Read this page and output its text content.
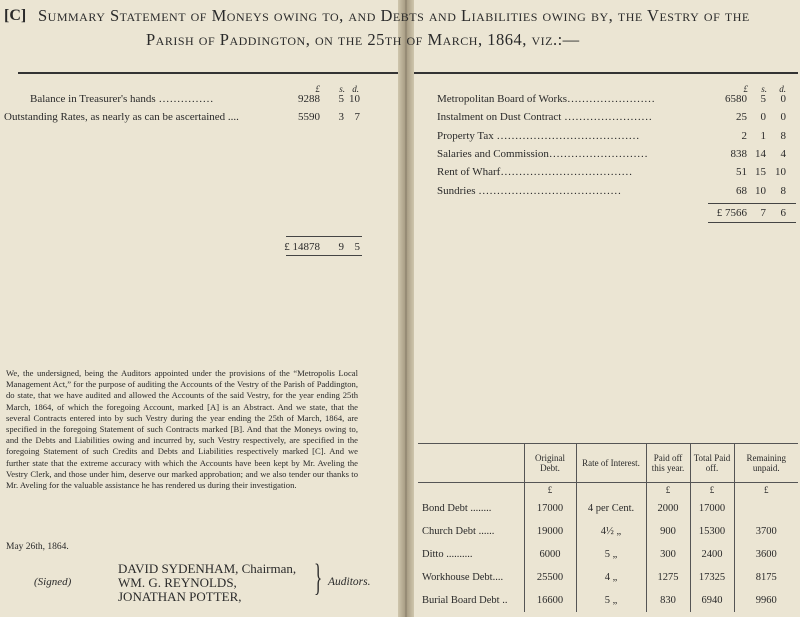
[C] Summary Statement of Moneys owing to, and Debts and Liabilities owing by, the Vestry of the
Parish of Paddington, on the 25th of March, 1864, viz.:—
£	s. d.
Balance in Treasurer's hands ……………	9288	5 10
Outstanding Rates, as nearly as can be ascertained ....	5590	3 7
£ 14878	9 5
£	s.	d.
Metropolitan Board of Works……………………	6580	5	0
Instalment on Dust Contract ……………………	25	0	0
Property Tax …………………………………	2	1	8
Salaries and Commission………………………	838 14	4
Rent of Wharf………………………………	51 15 10
Sundries …………………………………	68 10	8
£ 7566	7	6
We, the undersigned, being the Auditors appointed under the provisions of the “Metropolis Local Management Act,” for the purpose of auditing the Accounts of the Vestry of the Parish of Paddington, do state, that we have audited and allowed the Accounts of the said Vestry, for the year ending 25th March, 1864, of which the foregoing Account, marked [A] is an Abstract. And we state, that the several Contracts entered into by such Vestry during the year ending the 25th of March, 1864, are specified in the foregoing Statement of such Contracts marked [B]. And that the Moneys owing to, and the Debts and Liabilities owing and incurred by, such Vestry respectively, are specified in the foregoing Statement of such Credits and Debts and Liabilities respectively marked [C]. And we further state that the extreme accuracy with which the Accounts have been kept by Mr. Aveling the Vestry Clerk, and those under him, deserve our marked approbation; and we also tender our thanks to Mr. Aveling for the valuable assistance he has rendered us during their investigation.
May 26th, 1864.
(Signed)
DAVID SYDENHAM, Chairman,
WM. G. REYNOLDS,
JONATHAN POTTER, } Auditors.
	Original Debt.	Rate of Interest.	Paid off this year.	Total Paid off.	Remaining unpaid.
	£		£	£	£
Bond Debt ........	17000	4 per Cent.	2000	17000	
Church Debt ......	19000	4½ „	900	15300	3700
Ditto ..........	6000	5 „	300	2400	3600
Workhouse Debt....	25500	4 „	1275	17325	8175
Burial Board Debt ..	16600	5 „	830	6940	9960
